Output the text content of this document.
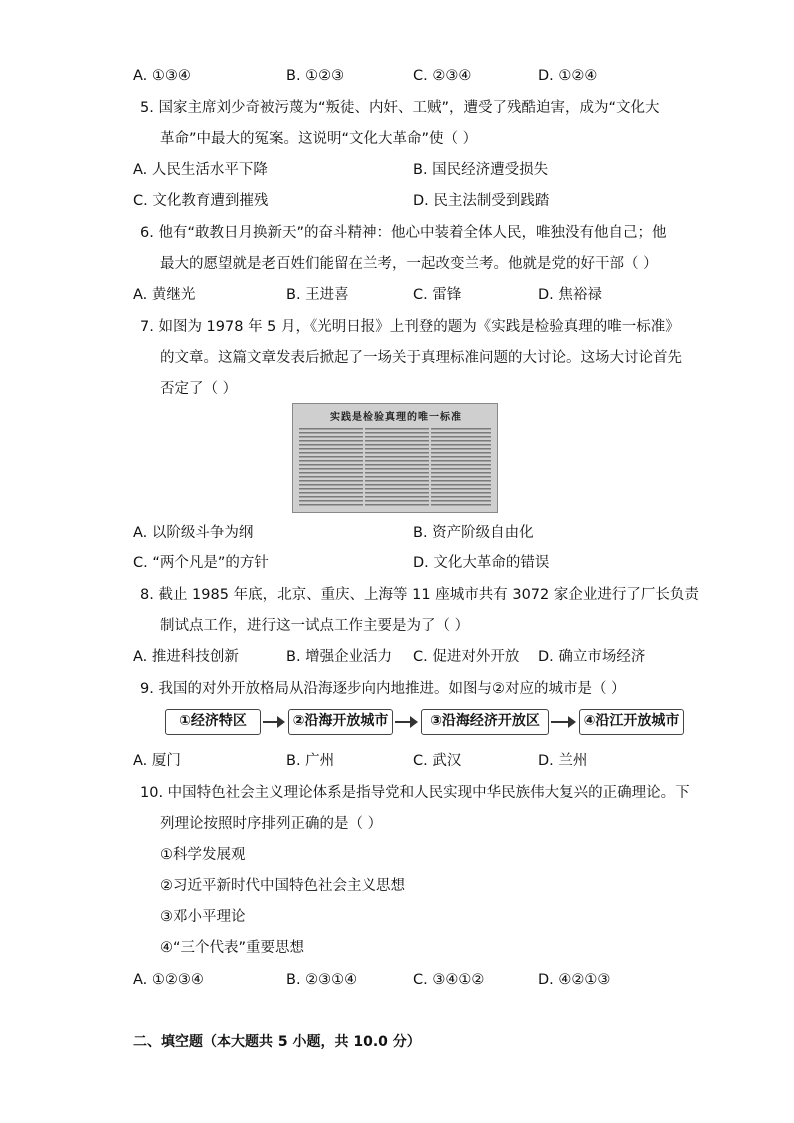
A. ①③④	B. ①②③	C. ②③④	D. ①②④
5. 国家主席刘少奇被污蔑为“叛徒、内奸、工贼”，遭受了残酷迫害，成为“文化大
革命”中最大的冤案。这说明“文化大革命”使（ ）
A. 人民生活水平下降	B. 国民经济遭受损失
C. 文化教育遭到摧残	D. 民主法制受到践踏
6. 他有“敢教日月换新天”的奋斗精神：他心中装着全体人民，唯独没有他自己；他
最大的愿望就是老百姓们能留在兰考，一起改变兰考。他就是党的好干部（ ）
A. 黄继光	B. 王进喜	C. 雷锋	D. 焦裕禄
7. 如图为 1978 年 5 月，《光明日报》上刊登的题为《实践是检验真理的唯一标准》
的文章。这篇文章发表后掀起了一场关于真理标准问题的大讨论。这场大讨论首先
否定了（ ）
实践是检验真理的唯一标准
A. 以阶级斗争为纲	B. 资产阶级自由化
C. “两个凡是”的方针	D. 文化大革命的错误
8. 截止 1985 年底，北京、重庆、上海等 11 座城市共有 3072 家企业进行了厂长负责
制试点工作，进行这一试点工作主要是为了（ ）
A. 推进科技创新	B. 增强企业活力 C. 促进对外开放 D. 确立市场经济
9. 我国的对外开放格局从沿海逐步向内地推进。如图与②对应的城市是（ ）
①经济特区	②沿海开放城市	③沿海经济开放区	④沿江开放城市
A. 厦门	B. 广州	C. 武汉	D. 兰州
10. 中国特色社会主义理论体系是指导党和人民实现中华民族伟大复兴的正确理论。下
列理论按照时序排列正确的是（ ）
①科学发展观
②习近平新时代中国特色社会主义思想
③邓小平理论
④“三个代表”重要思想
A. ①②③④	B. ②③①④	C. ③④①②	D. ④②①③
二、填空题（本大题共 5 小题，共 10.0 分）
